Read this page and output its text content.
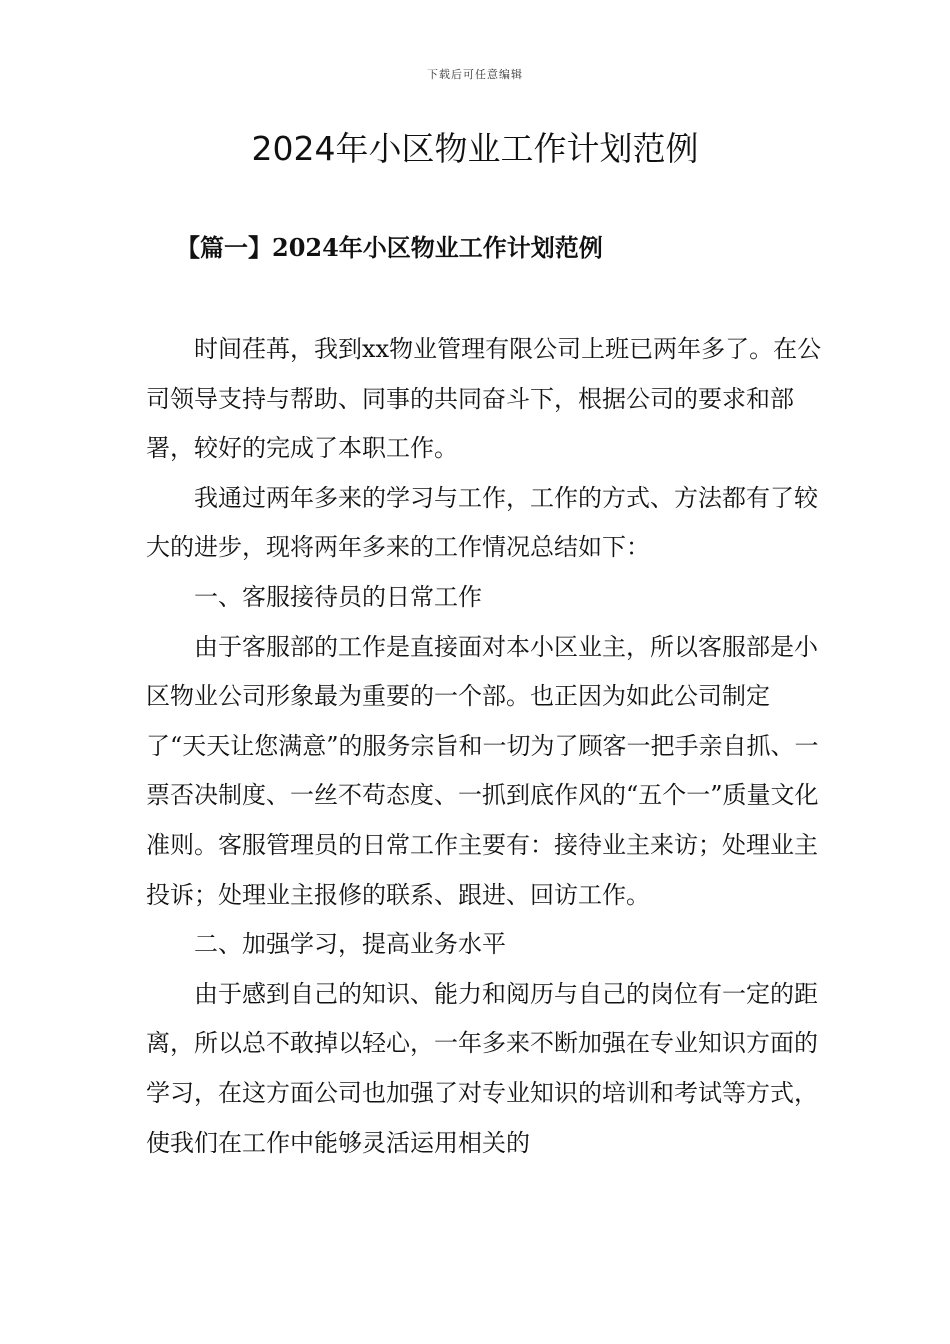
下载后可任意编辑
2024年小区物业工作计划范例
【篇一】2024年小区物业工作计划范例

时间荏苒，我到xx物业管理有限公司上班已两年多了。在公司领导支持与帮助、同事的共同奋斗下，根据公司的要求和部署，较好的完成了本职工作。

我通过两年多来的学习与工作，工作的方式、方法都有了较大的进步，现将两年多来的工作情况总结如下：

一、客服接待员的日常工作

由于客服部的工作是直接面对本小区业主，所以客服部是小区物业公司形象最为重要的一个部。也正因为如此公司制定了“天天让您满意”的服务宗旨和一切为了顾客一把手亲自抓、一票否决制度、一丝不苟态度、一抓到底作风的“五个一”质量文化准则。客服管理员的日常工作主要有：接待业主来访；处理业主投诉；处理业主报修的联系、跟进、回访工作。

二、加强学习，提高业务水平

由于感到自己的知识、能力和阅历与自己的岗位有一定的距离，所以总不敢掉以轻心，一年多来不断加强在专业知识方面的学习，在这方面公司也加强了对专业知识的培训和考试等方式，使我们在工作中能够灵活运用相关的
